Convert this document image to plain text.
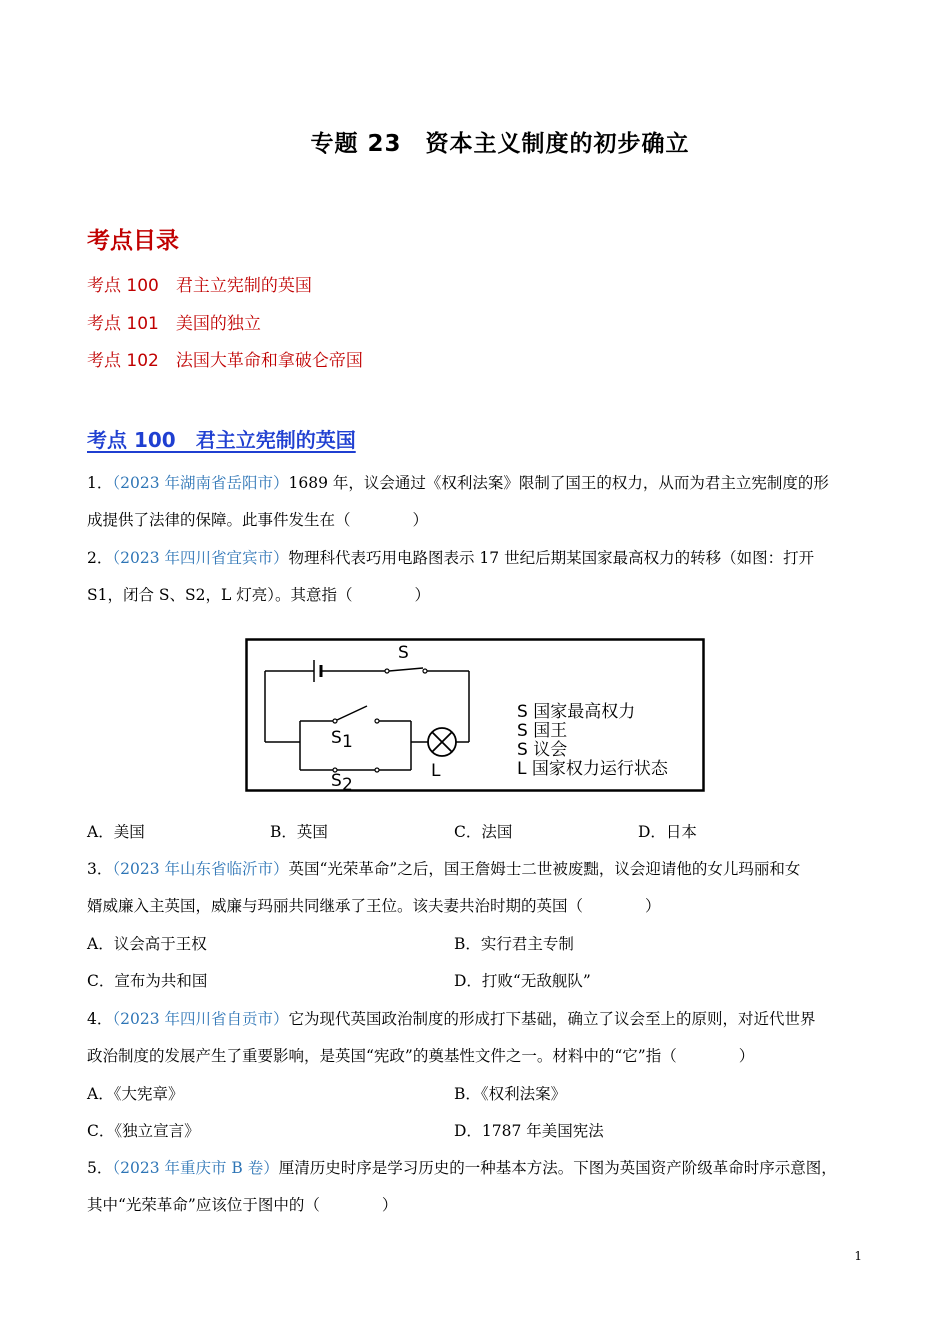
专题 23　资本主义制度的初步确立
考点目录
考点 100　君主立宪制的英国
考点 101　美国的独立
考点 102　法国大革命和拿破仑帝国
考点 100　君主立宪制的英国
1．（2023 年湖南省岳阳市）1689 年，议会通过《权利法案》限制了国王的权力，从而为君主立宪制度的形
成提供了法律的保障。此事件发生在（　　　　）
2．（2023 年四川省宜宾市）物理科代表巧用电路图表示 17 世纪后期某国家最高权力的转移（如图：打开
S1，闭合 S、S2，L 灯亮）。其意指（　　　　）
S
S 1
S 2
L
S 国家最高权力
S 国王
S 议会
L 国家权力运行状态
A．美国	B．英国	C．法国	D．日本
3．（2023 年山东省临沂市）英国“光荣革命”之后，国王詹姆士二世被废黜，议会迎请他的女儿玛丽和女
婿威廉入主英国，威廉与玛丽共同继承了王位。该夫妻共治时期的英国（　　　　）
A．议会高于王权	B．实行君主专制
C．宣布为共和国	D．打败“无敌舰队”
4．（2023 年四川省自贡市）它为现代英国政治制度的形成打下基础，确立了议会至上的原则，对近代世界
政治制度的发展产生了重要影响，是英国“宪政”的奠基性文件之一。材料中的“它”指（　　　　）
A．《大宪章》	B．《权利法案》
C．《独立宣言》	D．1787 年美国宪法
5．（2023 年重庆市 B 卷）厘清历史时序是学习历史的一种基本方法。下图为英国资产阶级革命时序示意图，
其中“光荣革命”应该位于图中的（　　　　）
1
